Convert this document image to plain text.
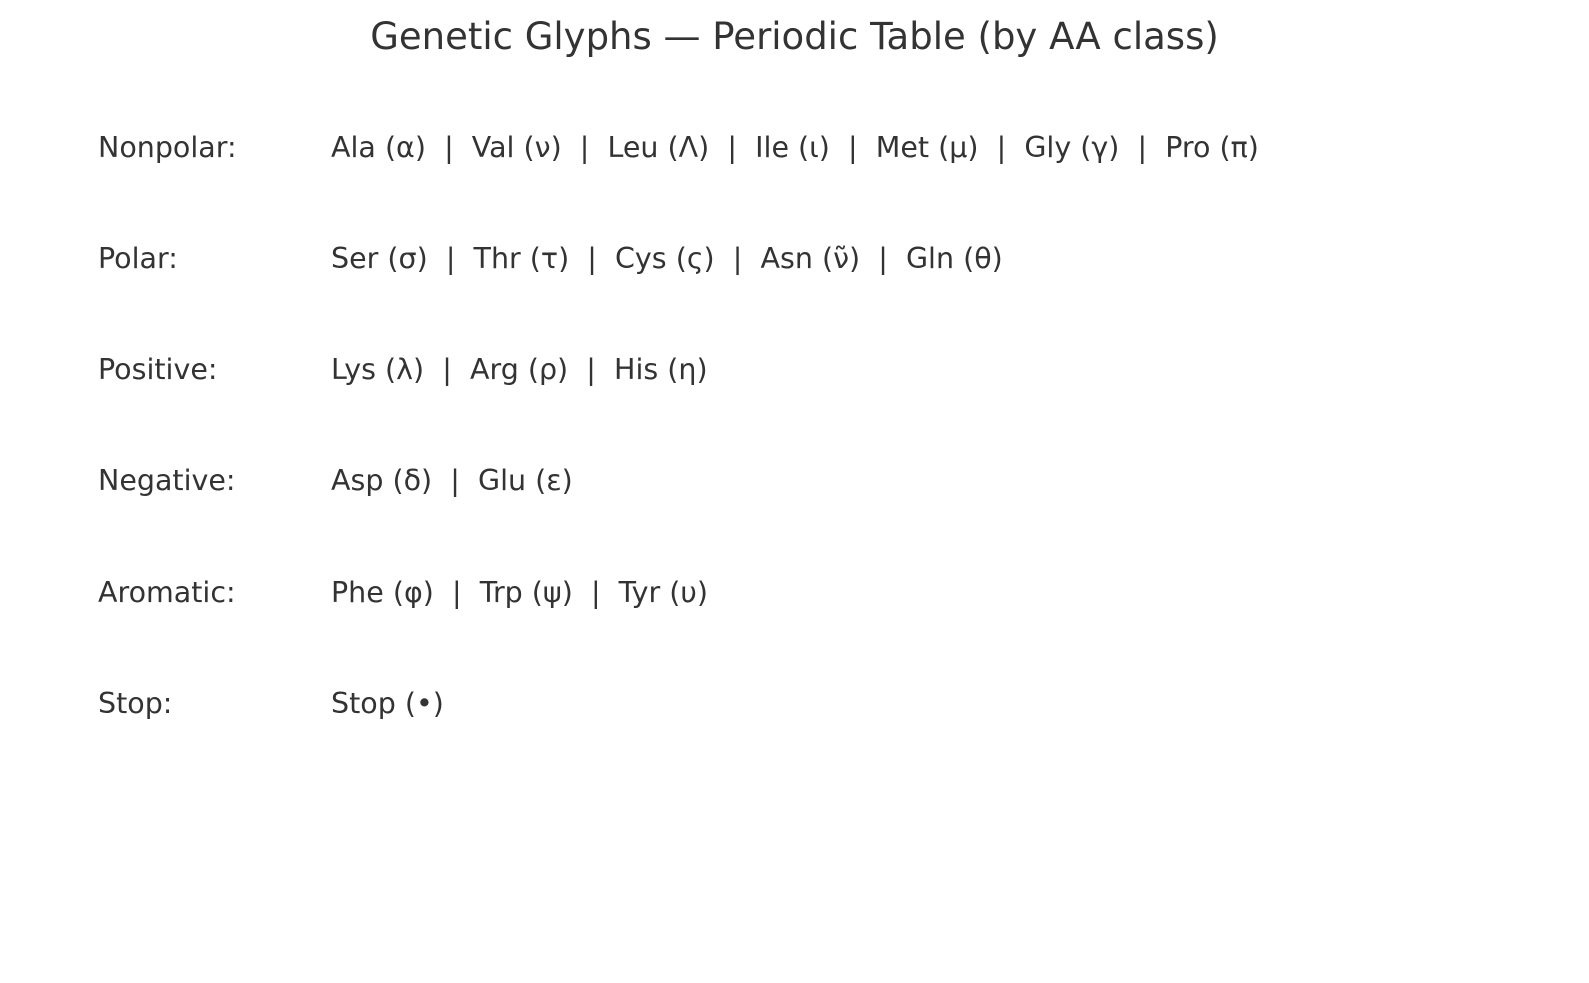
Genetic Glyphs — Periodic Table (by AA class)
Nonpolar:	Ala (α)  |  Val (ν)  |  Leu (Λ)  |  Ile (ι)  |  Met (μ)  |  Gly (γ)  |  Pro (π)
Polar:	Ser (σ)  |  Thr (τ)  |  Cys (ς)  |  Asn (ν̃)  |  Gln (θ)
Positive:	Lys (λ)  |  Arg (ρ)  |  His (η)
Negative:	Asp (δ)  |  Glu (ε)
Aromatic:	Phe (φ)  |  Trp (ψ)  |  Tyr (υ)
Stop:	Stop (•)
